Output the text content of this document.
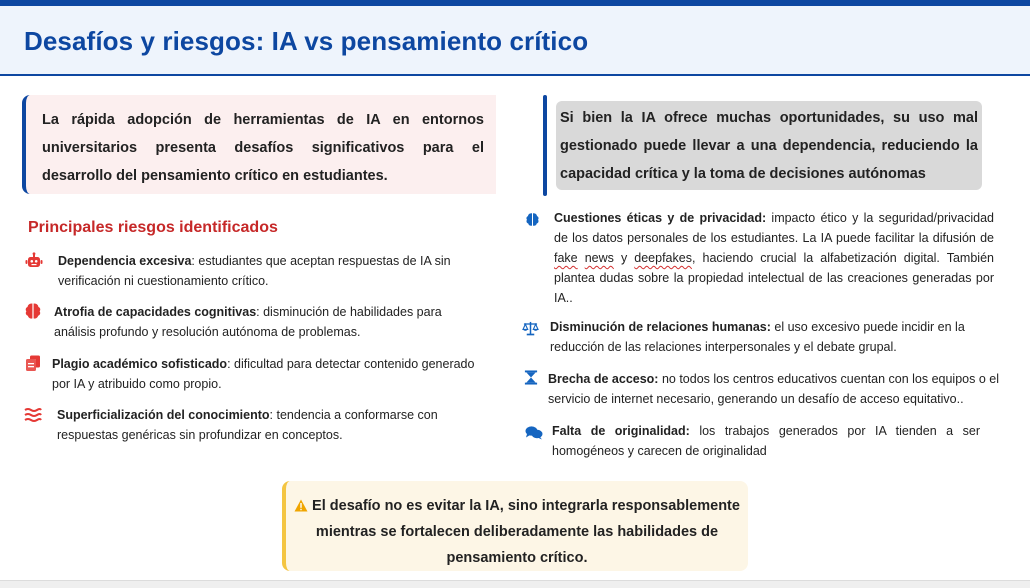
Desafíos y riesgos: IA vs pensamiento crítico

La rápida adopción de herramientas de IA en entornos universitarios presenta desafíos significativos para el desarrollo del pensamiento crítico en estudiantes.

Si bien la IA ofrece muchas oportunidades, su uso mal gestionado puede llevar a una dependencia, reduciendo la capacidad crítica y la toma de decisiones autónomas

Principales riesgos identificados
Dependencia excesiva: estudiantes que aceptan respuestas de IA sin verificación ni cuestionamiento crítico.
Atrofia de capacidades cognitivas: disminución de habilidades para análisis profundo y resolución autónoma de problemas.
Plagio académico sofisticado: dificultad para detectar contenido generado por IA y atribuido como propio.
Superficialización del conocimiento: tendencia a conformarse con respuestas genéricas sin profundizar en conceptos.
Cuestiones éticas y de privacidad: impacto ético y la seguridad/privacidad de los datos personales de los estudiantes. La IA puede facilitar la difusión de fake news y deepfakes, haciendo crucial la alfabetización digital. También plantea dudas sobre la propiedad intelectual de las creaciones generadas por IA..
Disminución de relaciones humanas: el uso excesivo puede incidir en la reducción de las relaciones interpersonales y el debate grupal.
Brecha de acceso: no todos los centros educativos cuentan con los equipos o el servicio de internet necesario, generando un desafío de acceso equitativo..
Falta de originalidad: los trabajos generados por IA tienden a ser homogéneos y carecen de originalidad

El desafío no es evitar la IA, sino integrarla responsablemente mientras se fortalecen deliberadamente las habilidades de pensamiento crítico.
